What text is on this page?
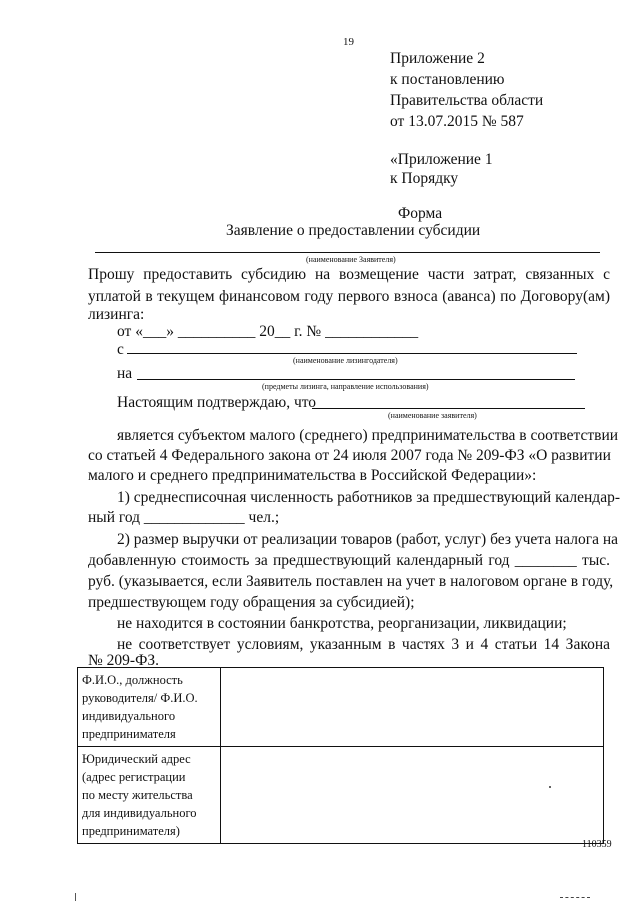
19
Приложение 2
к постановлению
Правительства области
от 13.07.2015 № 587
«Приложение 1
к Порядку
Форма
Заявление о предоставлении субсидии
(наименование Заявителя)
Прошу предоставить субсидию на возмещение части затрат, связанных с
уплатой в текущем финансовом году первого взноса (аванса) по Договору(ам)
лизинга:
от «___» __________ 20__ г. № ____________
с
(наименование лизингодателя)
на
(предметы лизинга, направление использования)
Настоящим подтверждаю, что
(наименование заявителя)
является субъектом малого (среднего) предпринимательства в соответствии
со статьей 4 Федерального закона от 24 июля 2007 года № 209-ФЗ «О развитии
малого и среднего предпринимательства в Российской Федерации»:
1) среднесписочная численность работников за предшествующий календар-
ный год _____________ чел.;
2) размер выручки от реализации товаров (работ, услуг) без учета налога на
добавленную стоимость за предшествующий календарный год ________ тыс.
руб. (указывается, если Заявитель поставлен на учет в налоговом органе в году,
предшествующем году обращения за субсидией);
не находится в состоянии банкротства, реорганизации, ликвидации;
не соответствует условиям, указанным в частях 3 и 4 статьи 14 Закона
№ 209-ФЗ.
Ф.И.О., должность
руководителя/ Ф.И.О.
индивидуального
предпринимателя	

Юридический адрес
(адрес регистрации
по месту жительства
для индивидуального
предпринимателя)	

110359
